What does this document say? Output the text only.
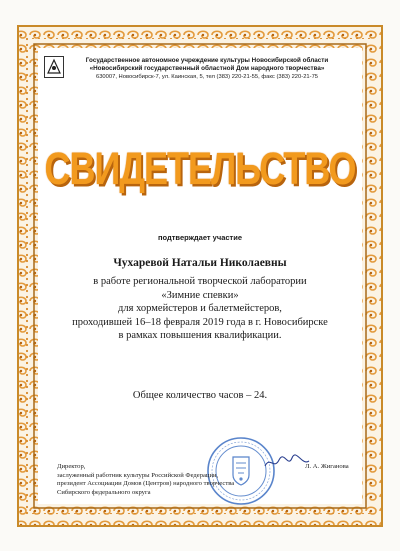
Государственное автономное учреждение культуры Новосибирской области
«Новосибирский государственный областной Дом народного творчества»
630007, Новосибирск-7, ул. Каинская, 5, тел (383) 220-21-55, факс (383) 220-21-75
СВИДЕТЕЛЬСТВО
подтверждает участие
Чухаревой Натальи Николаевны
в работе региональной творческой лаборатории
«Зимние спевки»
для хормейстеров и балетмейстеров,
проходившей 16–18 февраля 2019 года в г. Новосибирске
в рамках повышения квалификации.
Общее количество часов – 24.
Директор,
заслуженный работник культуры Российской Федерации,
президент Ассоциации Домов (Центров) народного творчества
Сибирского федерального округа
Л. А. Жиганова
